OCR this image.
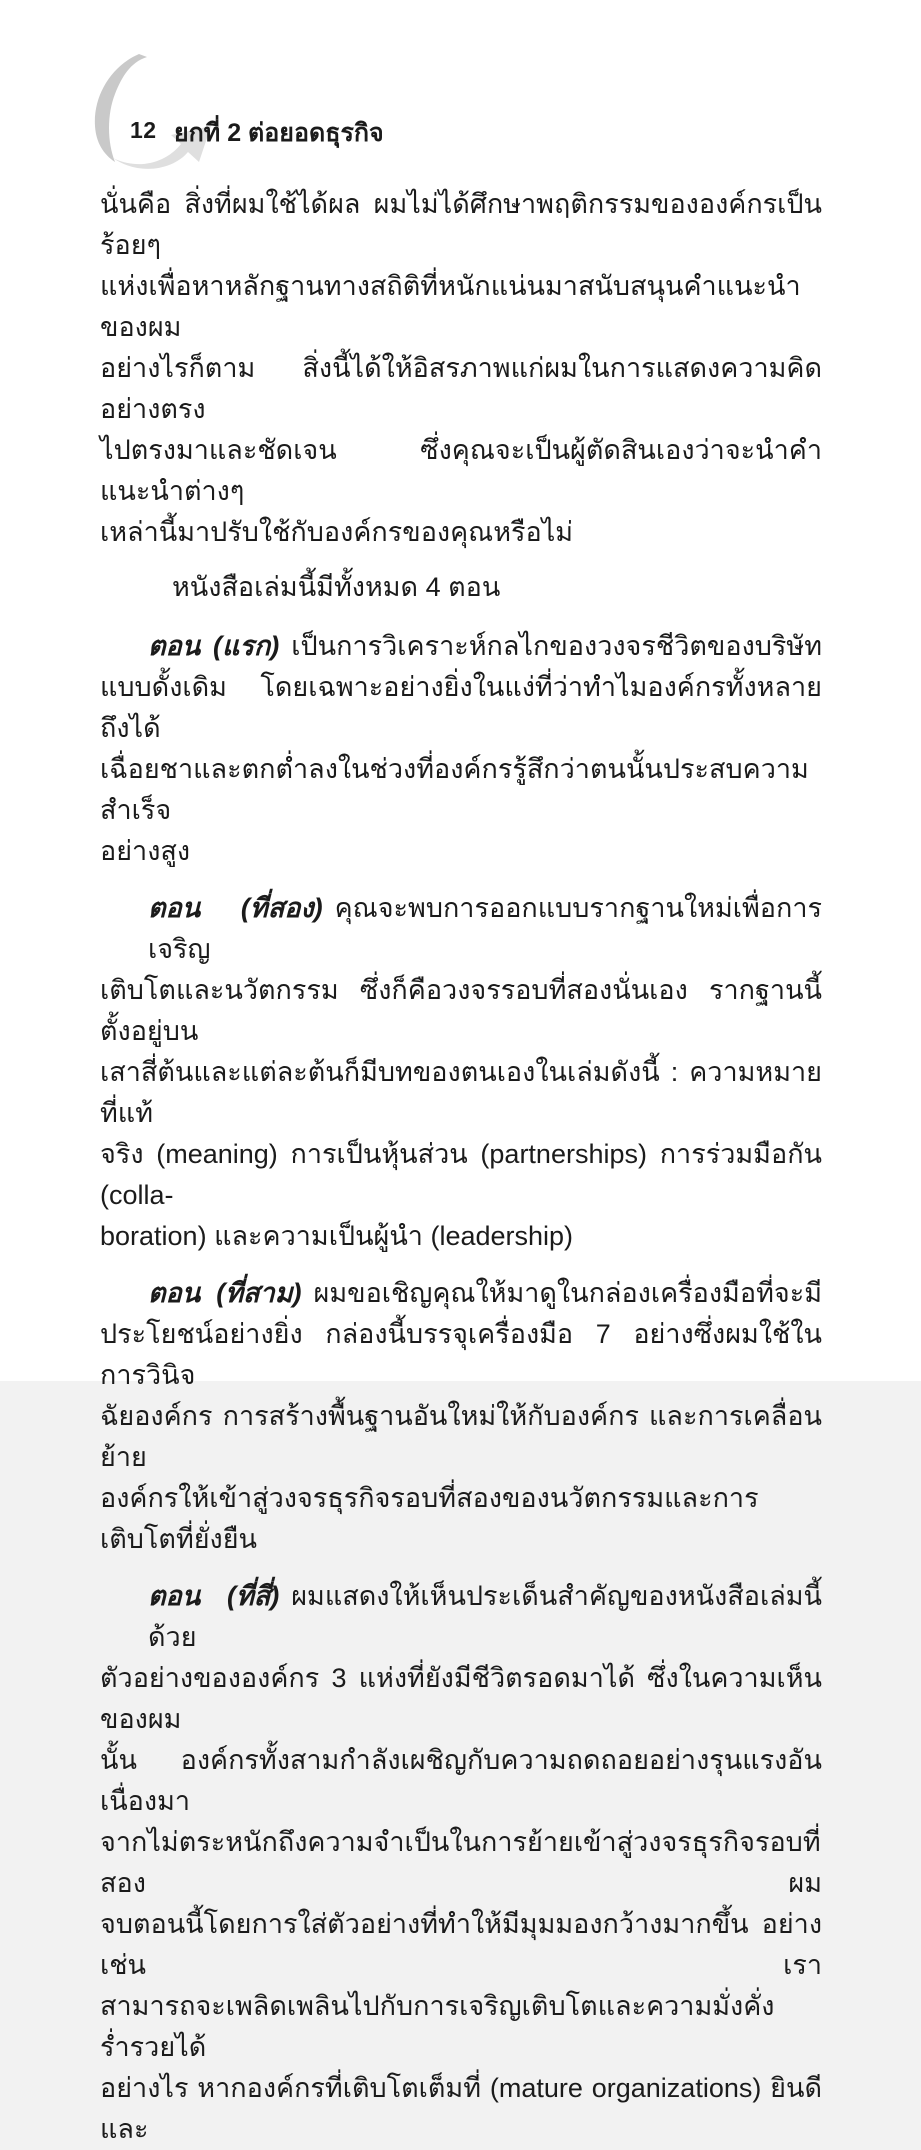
12 ยกที่ 2 ต่อยอดธุรกิจ
นั่นคือ สิ่งที่ผมใช้ได้ผล ผมไม่ได้ศึกษาพฤติกรรมขององค์กรเป็นร้อยๆ
แห่งเพื่อหาหลักฐานทางสถิติที่หนักแน่นมาสนับสนุนคำแนะนำของผม
อย่างไรก็ตาม สิ่งนี้ได้ให้อิสรภาพแก่ผมในการแสดงความคิดอย่างตรง
ไปตรงมาและชัดเจน ซึ่งคุณจะเป็นผู้ตัดสินเองว่าจะนำคำแนะนำต่างๆ
เหล่านี้มาปรับใช้กับองค์กรของคุณหรือไม่
หนังสือเล่มนี้มีทั้งหมด 4 ตอน
ตอน (แรก) เป็นการวิเคราะห์กลไกของวงจรชีวิตของบริษัท
แบบดั้งเดิม โดยเฉพาะอย่างยิ่งในแง่ที่ว่าทำไมองค์กรทั้งหลายถึงได้
เฉื่อยชาและตกต่ำลงในช่วงที่องค์กรรู้สึกว่าตนนั้นประสบความสำเร็จ
อย่างสูง
ตอน (ที่สอง) คุณจะพบการออกแบบรากฐานใหม่เพื่อการเจริญ
เติบโตและนวัตกรรม ซึ่งก็คือวงจรรอบที่สองนั่นเอง รากฐานนี้ตั้งอยู่บน
เสาสี่ต้นและแต่ละต้นก็มีบทของตนเองในเล่มดังนี้ : ความหมายที่แท้
จริง (meaning) การเป็นหุ้นส่วน (partnerships) การร่วมมือกัน (colla-
boration) และความเป็นผู้นำ (leadership)
ตอน (ที่สาม) ผมขอเชิญคุณให้มาดูในกล่องเครื่องมือที่จะมี
ประโยชน์อย่างยิ่ง กล่องนี้บรรจุเครื่องมือ 7 อย่างซึ่งผมใช้ในการวินิจ
ฉัยองค์กร การสร้างพื้นฐานอันใหม่ให้กับองค์กร และการเคลื่อนย้าย
องค์กรให้เข้าสู่วงจรธุรกิจรอบที่สองของนวัตกรรมและการเติบโตที่ยั่งยืน
ตอน (ที่สี่) ผมแสดงให้เห็นประเด็นสำคัญของหนังสือเล่มนี้ด้วย
ตัวอย่างขององค์กร 3 แห่งที่ยังมีชีวิตรอดมาได้ ซึ่งในความเห็นของผม
นั้น องค์กรทั้งสามกำลังเผชิญกับความถดถอยอย่างรุนแรงอันเนื่องมา
จากไม่ตระหนักถึงความจำเป็นในการย้ายเข้าสู่วงจรธุรกิจรอบที่สอง ผม
จบตอนนี้โดยการใส่ตัวอย่างที่ทำให้มีมุมมองกว้างมากขึ้น อย่างเช่น เรา
สามารถจะเพลิดเพลินไปกับการเจริญเติบโตและความมั่งคั่งร่ำรวยได้
อย่างไร หากองค์กรที่เติบโตเต็มที่ (mature organizations) ยินดีและ
